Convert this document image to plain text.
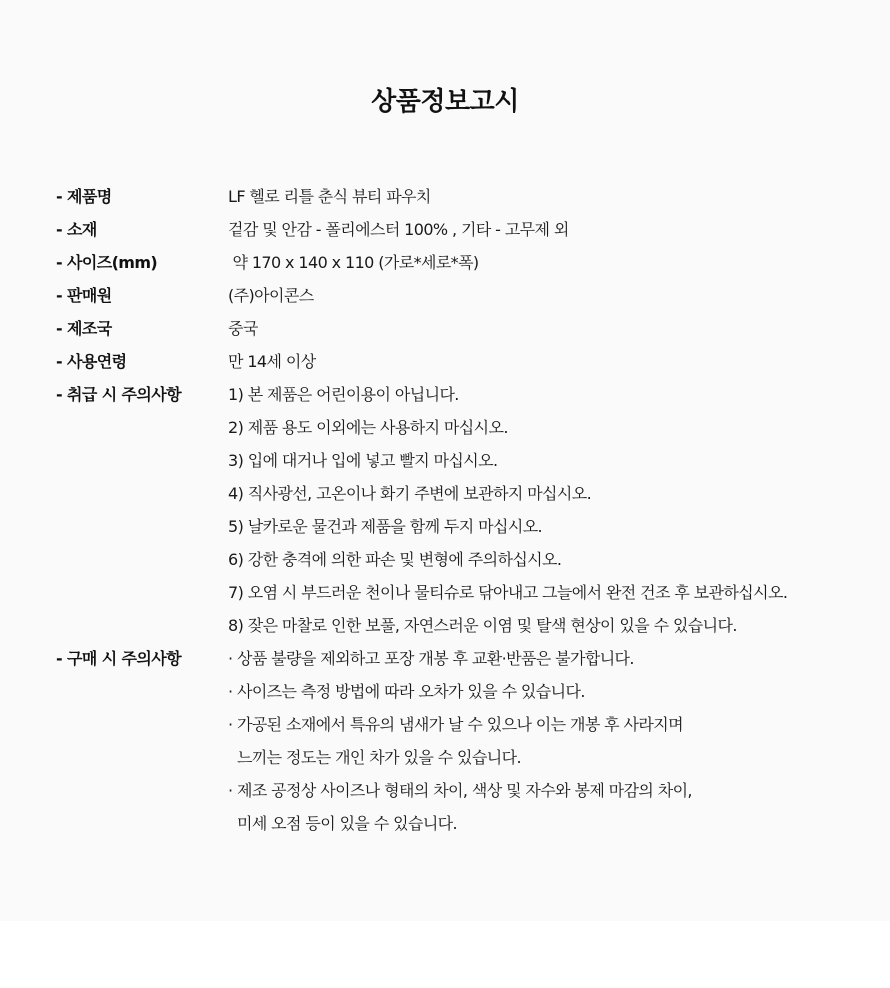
상품정보고시
- 제품명	LF 헬로 리틀 춘식 뷰티 파우치
- 소재	겉감 및 안감 - 폴리에스터 100% , 기타 - 고무제 외
- 사이즈(mm)	약 170 x 140 x 110 (가로*세로*폭)
- 판매원	(주)아이콘스
- 제조국	중국
- 사용연령	만 14세 이상
- 취급 시 주의사항	1) 본 제품은 어린이용이 아닙니다.
2) 제품 용도 이외에는 사용하지 마십시오.
3) 입에 대거나 입에 넣고 빨지 마십시오.
4) 직사광선, 고온이나 화기 주변에 보관하지 마십시오.
5) 날카로운 물건과 제품을 함께 두지 마십시오.
6) 강한 충격에 의한 파손 및 변형에 주의하십시오.
7) 오염 시 부드러운 천이나 물티슈로 닦아내고 그늘에서 완전 건조 후 보관하십시오.
8) 잦은 마찰로 인한 보풀, 자연스러운 이염 및 탈색 현상이 있을 수 있습니다.
- 구매 시 주의사항	· 상품 불량을 제외하고 포장 개봉 후 교환·반품은 불가합니다.
· 사이즈는 측정 방법에 따라 오차가 있을 수 있습니다.
· 가공된 소재에서 특유의 냄새가 날 수 있으나 이는 개봉 후 사라지며
느끼는 정도는 개인 차가 있을 수 있습니다.
· 제조 공정상 사이즈나 형태의 차이, 색상 및 자수와 봉제 마감의 차이,
미세 오점 등이 있을 수 있습니다.
